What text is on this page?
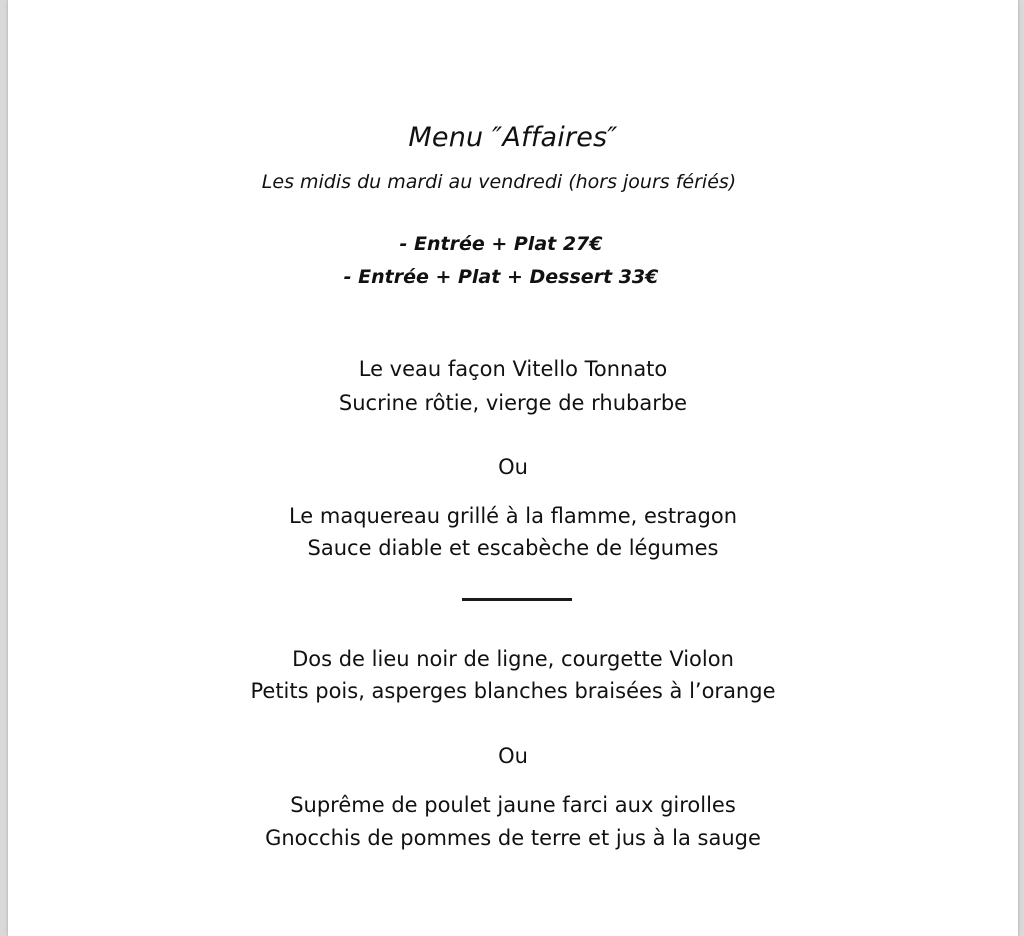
Menu ″Affaires″
Les midis du mardi au vendredi (hors jours fériés)
- Entrée + Plat 27€
- Entrée + Plat + Dessert 33€
Le veau façon Vitello Tonnato
Sucrine rôtie, vierge de rhubarbe
Ou
Le maquereau grillé à la flamme, estragon
Sauce diable et escabèche de légumes
Dos de lieu noir de ligne, courgette Violon
Petits pois, asperges blanches braisées à l’orange
Ou
Suprême de poulet jaune farci aux girolles
Gnocchis de pommes de terre et jus à la sauge
